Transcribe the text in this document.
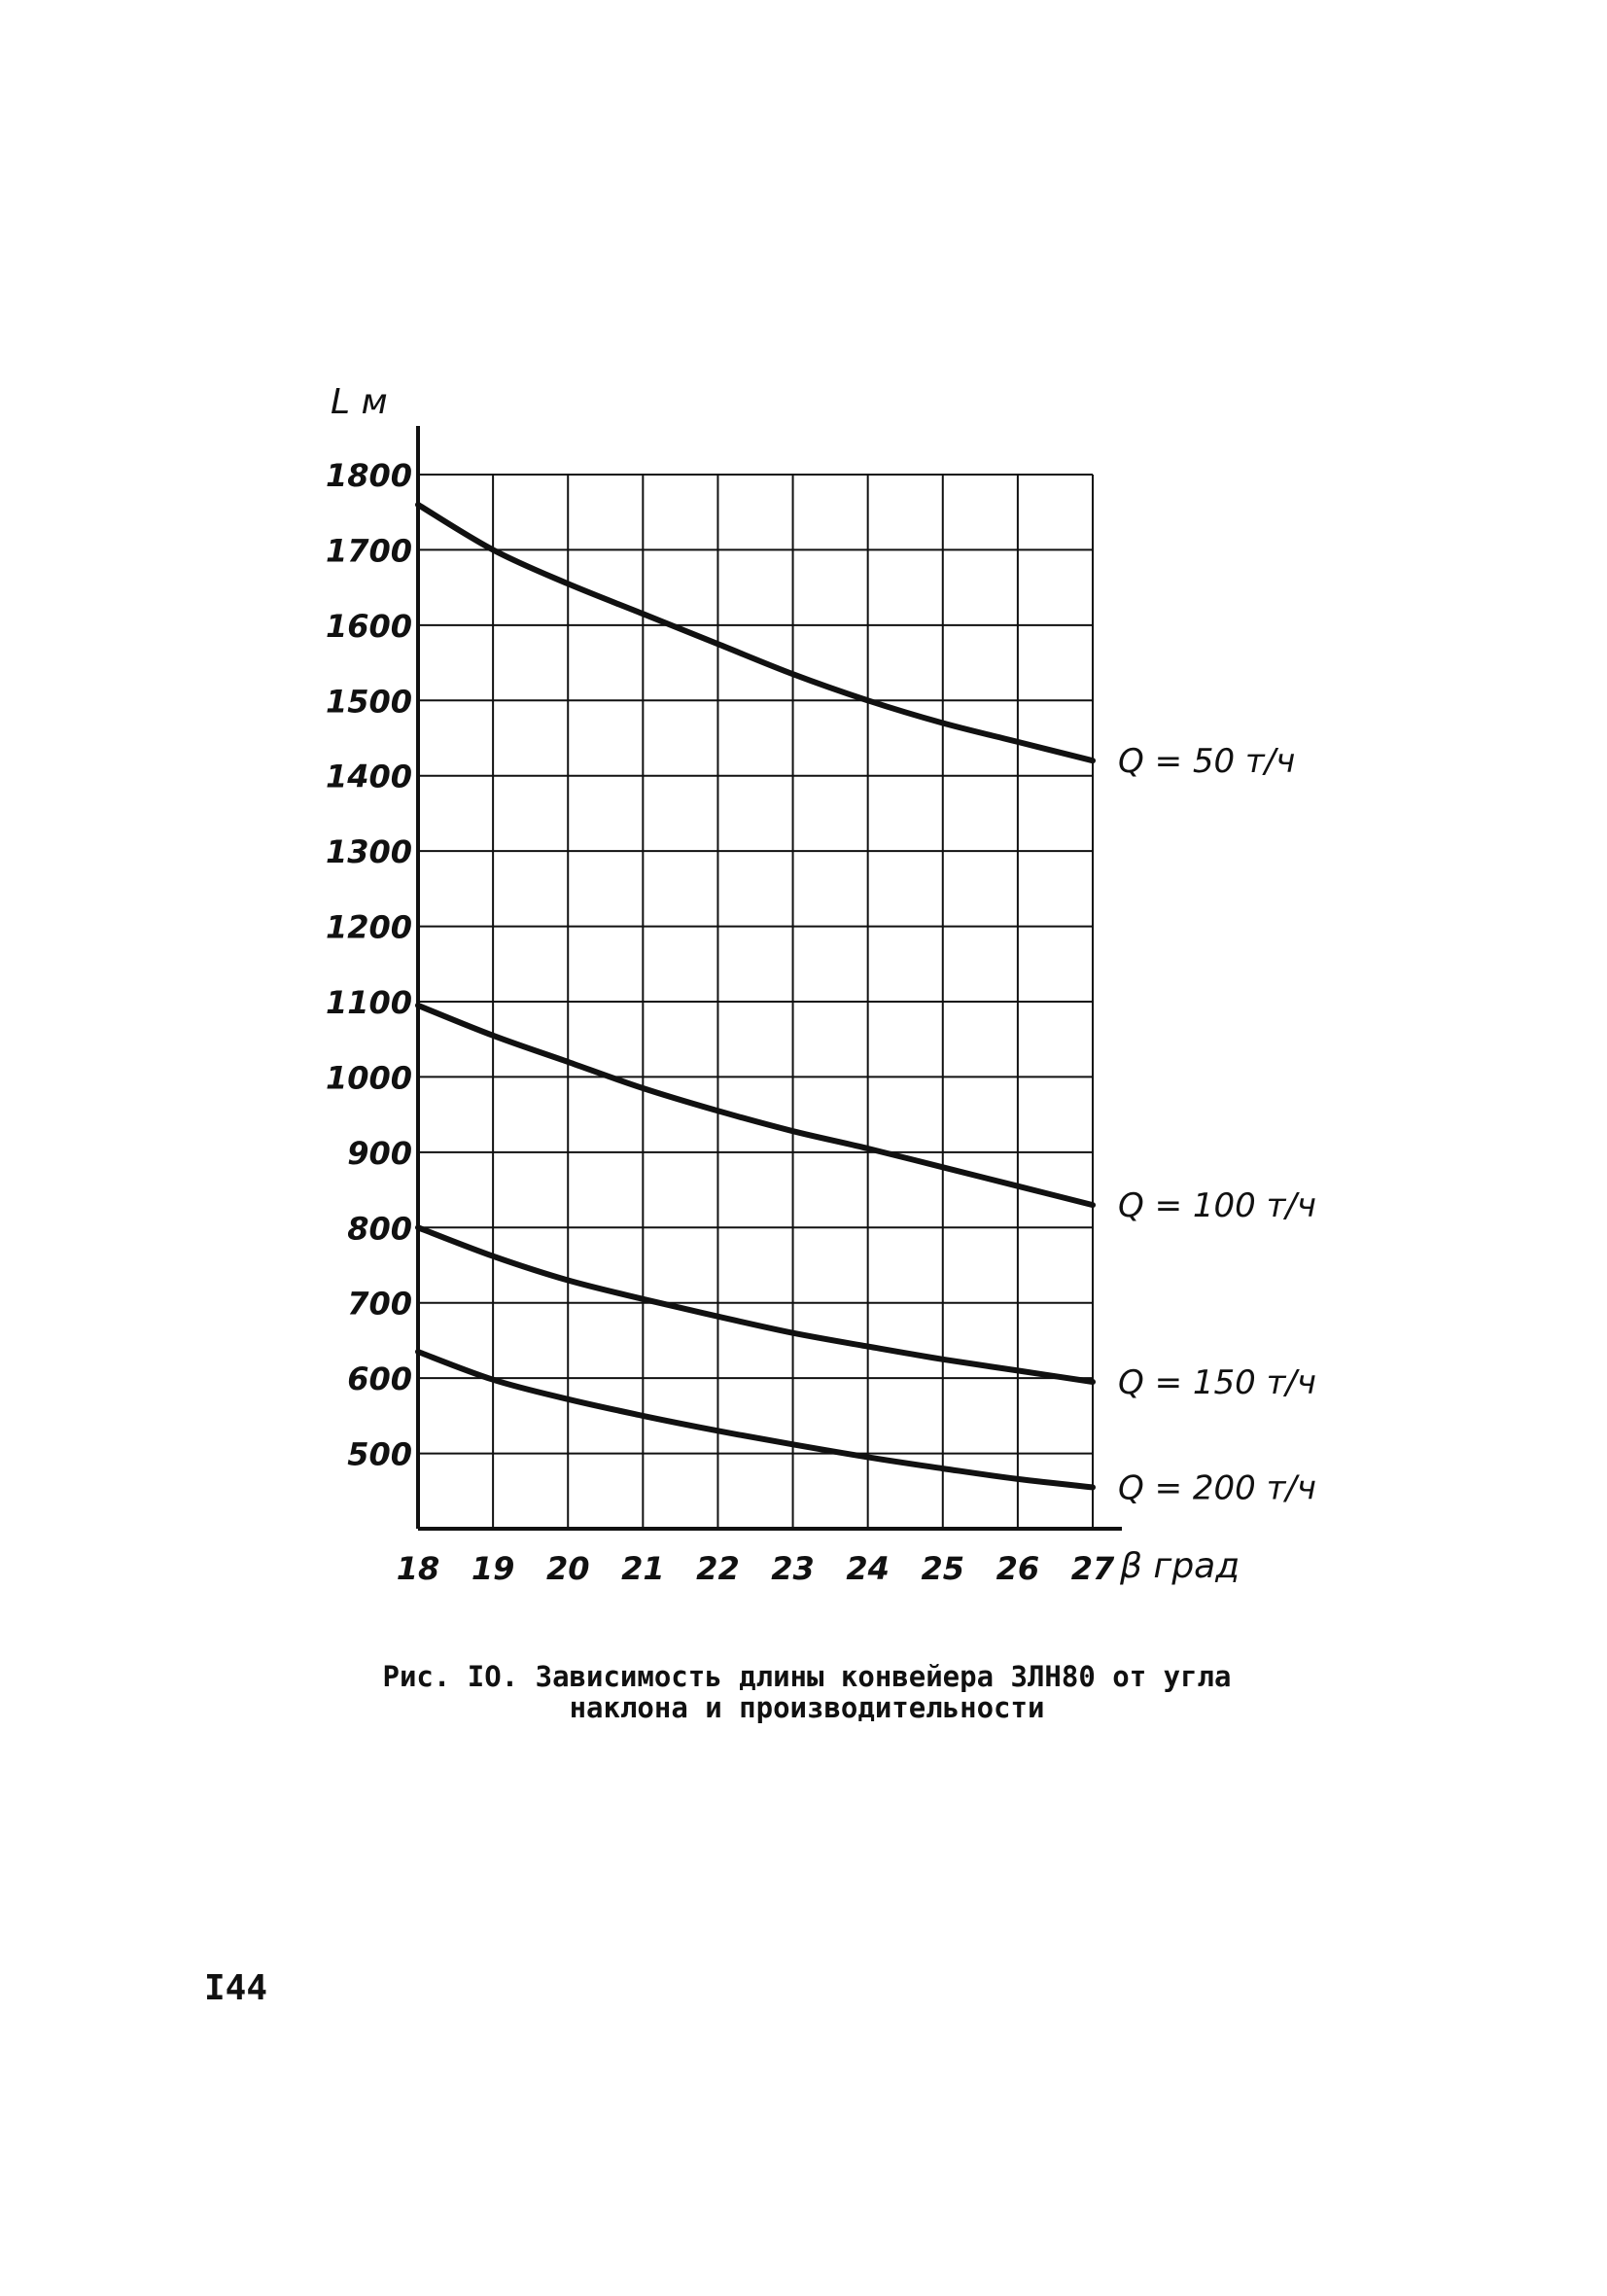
500
600
700
800
900
1000
1100
1200
1300
1400
1500
1600
1700
1800
18 19 20 21 22 23 24 25 26 27
L м
β град
Q = 50 т/ч
Q = 100 т/ч
Q = 150 т/ч
Q = 200 т/ч
Рис. IO. Зависимость длины конвейера 3ЛН80 от угла
наклона и производительности
I44
